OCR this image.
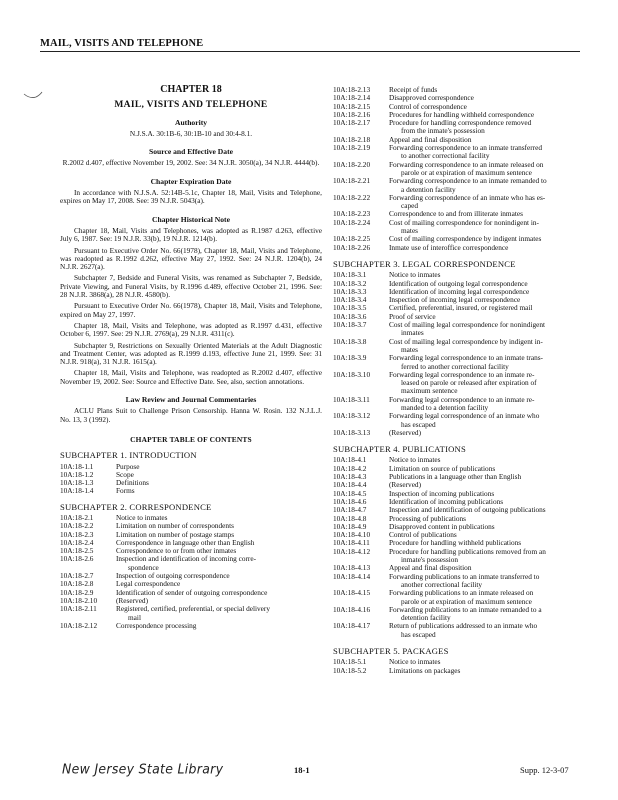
MAIL, VISITS AND TELEPHONE
CHAPTER 18
MAIL, VISITS AND TELEPHONE
Authority
N.J.S.A. 30:1B-6, 30:1B-10 and 30:4-8.1.
Source and Effective Date
R.2002 d.407, effective November 19, 2002. See: 34 N.J.R. 3050(a), 34 N.J.R. 4444(b).
Chapter Expiration Date
In accordance with N.J.S.A. 52:14B-5.1c, Chapter 18, Mail, Visits and Telephone, expires on May 17, 2008. See: 39 N.J.R. 5043(a).
Chapter Historical Note
Chapter 18, Mail, Visits and Telephones, was adopted as R.1987 d.263, effective July 6, 1987. See: 19 N.J.R. 33(b), 19 N.J.R. 1214(b).
Pursuant to Executive Order No. 66(1978), Chapter 18, Mail, Visits and Telephone, was readopted as R.1992 d.262, effective May 27, 1992. See: 24 N.J.R. 1204(b), 24 N.J.R. 2627(a).
Subchapter 7, Bedside and Funeral Visits, was renamed as Subchapter 7, Bedside, Private Viewing, and Funeral Visits, by R.1996 d.489, effective October 21, 1996. See: 28 N.J.R. 3868(a), 28 N.J.R. 4580(b).
Pursuant to Executive Order No. 66(1978), Chapter 18, Mail, Visits and Telephone, expired on May 27, 1997.
Chapter 18, Mail, Visits and Telephone, was adopted as R.1997 d.431, effective October 6, 1997. See: 29 N.J.R. 2769(a), 29 N.J.R. 4311(c).
Subchapter 9, Restrictions on Sexually Oriented Materials at the Adult Diagnostic and Treatment Center, was adopted as R.1999 d.193, effective June 21, 1999. See: 31 N.J.R. 918(a), 31 N.J.R. 1615(a).
Chapter 18, Mail, Visits and Telephone, was readopted as R.2002 d.407, effective November 19, 2002. See: Source and Effective Date. See, also, section annotations.
Law Review and Journal Commentaries
ACLU Plans Suit to Challenge Prison Censorship. Hanna W. Rosin. 132 N.J.L.J. No. 13, 3 (1992).
CHAPTER TABLE OF CONTENTS
SUBCHAPTER 1. INTRODUCTION
10A:18-1.1	Purpose
10A:18-1.2	Scope
10A:18-1.3	Definitions
10A:18-1.4	Forms
SUBCHAPTER 2. CORRESPONDENCE
10A:18-2.1	Notice to inmates
10A:18-2.2	Limitation on number of correspondents
10A:18-2.3	Limitation on number of postage stamps
10A:18-2.4	Correspondence in language other than English
10A:18-2.5	Correspondence to or from other inmates
10A:18-2.6	Inspection and identification of incoming corre-
spondence
10A:18-2.7	Inspection of outgoing correspondence
10A:18-2.8	Legal correspondence
10A:18-2.9	Identification of sender of outgoing correspondence
10A:18-2.10	(Reserved)
10A:18-2.11	Registered, certified, preferential, or special delivery
mail
10A:18-2.12	Correspondence processing
10A:18-2.13	Receipt of funds
10A:18-2.14	Disapproved correspondence
10A:18-2.15	Control of correspondence
10A:18-2.16	Procedures for handling withheld correspondence
10A:18-2.17	Procedure for handling correspondence removed
from the inmate's possession
10A:18-2.18	Appeal and final disposition
10A:18-2.19	Forwarding correspondence to an inmate transferred
to another correctional facility
10A:18-2.20	Forwarding correspondence to an inmate released on
parole or at expiration of maximum sentence
10A:18-2.21	Forwarding correspondence to an inmate remanded to
a detention facility
10A:18-2.22	Forwarding correspondence of an inmate who has es-
caped
10A:18-2.23	Correspondence to and from illiterate inmates
10A:18-2.24	Cost of mailing correspondence for nonindigent in-
mates
10A:18-2.25	Cost of mailing correspondence by indigent inmates
10A:18-2.26	Inmate use of interoffice correspondence
SUBCHAPTER 3. LEGAL CORRESPONDENCE
10A:18-3.1	Notice to inmates
10A:18-3.2	Identification of outgoing legal correspondence
10A:18-3.3	Identification of incoming legal correspondence
10A:18-3.4	Inspection of incoming legal correspondence
10A:18-3.5	Certified, preferential, insured, or registered mail
10A:18-3.6	Proof of service
10A:18-3.7	Cost of mailing legal correspondence for nonindigent
inmates
10A:18-3.8	Cost of mailing legal correspondence by indigent in-
mates
10A:18-3.9	Forwarding legal correspondence to an inmate trans-
ferred to another correctional facility
10A:18-3.10	Forwarding legal correspondence to an inmate re-
leased on parole or released after expiration of
maximum sentence
10A:18-3.11	Forwarding legal correspondence to an inmate re-
manded to a detention facility
10A:18-3.12	Forwarding legal correspondence of an inmate who
has escaped
10A:18-3.13	(Reserved)
SUBCHAPTER 4. PUBLICATIONS
10A:18-4.1	Notice to inmates
10A:18-4.2	Limitation on source of publications
10A:18-4.3	Publications in a language other than English
10A:18-4.4	(Reserved)
10A:18-4.5	Inspection of incoming publications
10A:18-4.6	Identification of incoming publications
10A:18-4.7	Inspection and identification of outgoing publications
10A:18-4.8	Processing of publications
10A:18-4.9	Disapproved content in publications
10A:18-4.10	Control of publications
10A:18-4.11	Procedure for handling withheld publications
10A:18-4.12	Procedure for handling publications removed from an
inmate's possession
10A:18-4.13	Appeal and final disposition
10A:18-4.14	Forwarding publications to an inmate transferred to
another correctional facility
10A:18-4.15	Forwarding publications to an inmate released on
parole or at expiration of maximum sentence
10A:18-4.16	Forwarding publications to an inmate remanded to a
detention facility
10A:18-4.17	Return of publications addressed to an inmate who
has escaped
SUBCHAPTER 5. PACKAGES
10A:18-5.1	Notice to inmates
10A:18-5.2	Limitations on packages
New Jersey State Library	18-1	Supp. 12-3-07
